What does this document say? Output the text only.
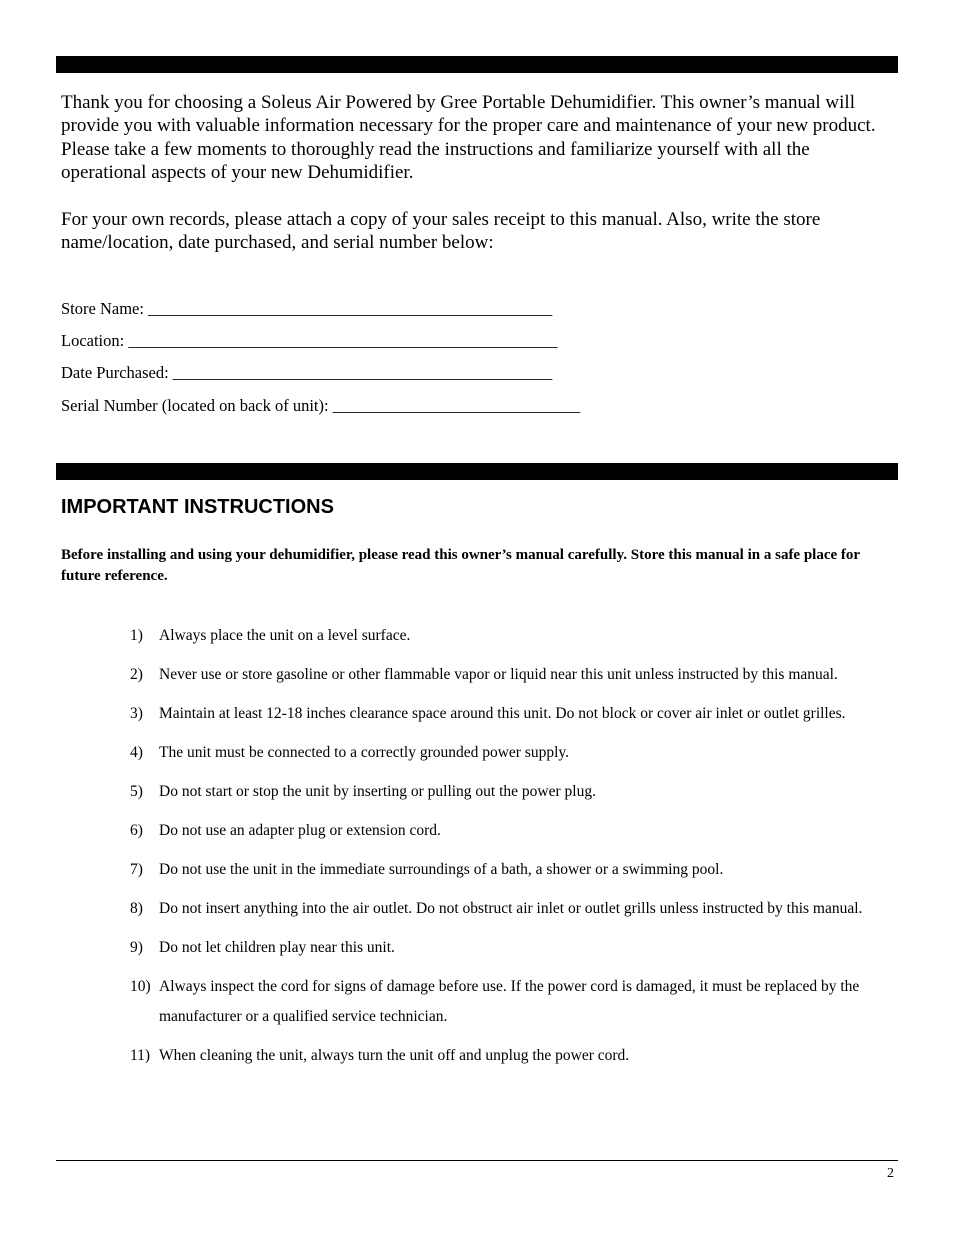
Thank you for choosing a Soleus Air Powered by Gree Portable Dehumidifier. This owner’s manual will provide you with valuable information necessary for the proper care and maintenance of your new product. Please take a few moments to thoroughly read the instructions and familiarize yourself with all the operational aspects of your new Dehumidifier.

For your own records, please attach a copy of your sales receipt to this manual. Also, write the store name/location, date purchased, and serial number below:

Store Name: _________________________________________________
Location: ____________________________________________________
Date Purchased: ______________________________________________
Serial Number (located on back of unit): ______________________________
IMPORTANT INSTRUCTIONS

Before installing and using your dehumidifier, please read this owner’s manual carefully. Store this manual in a safe place for future reference.

1) Always place the unit on a level surface.
2) Never use or store gasoline or other flammable vapor or liquid near this unit unless instructed by this manual.
3) Maintain at least 12-18 inches clearance space around this unit. Do not block or cover air inlet or outlet grilles.
4) The unit must be connected to a correctly grounded power supply.
5) Do not start or stop the unit by inserting or pulling out the power plug.
6) Do not use an adapter plug or extension cord.
7) Do not use the unit in the immediate surroundings of a bath, a shower or a swimming pool.
8) Do not insert anything into the air outlet. Do not obstruct air inlet or outlet grills unless instructed by this manual.
9) Do not let children play near this unit.
10) Always inspect the cord for signs of damage before use. If the power cord is damaged, it must be replaced by the manufacturer or a qualified service technician.
11) When cleaning the unit, always turn the unit off and unplug the power cord.
2
